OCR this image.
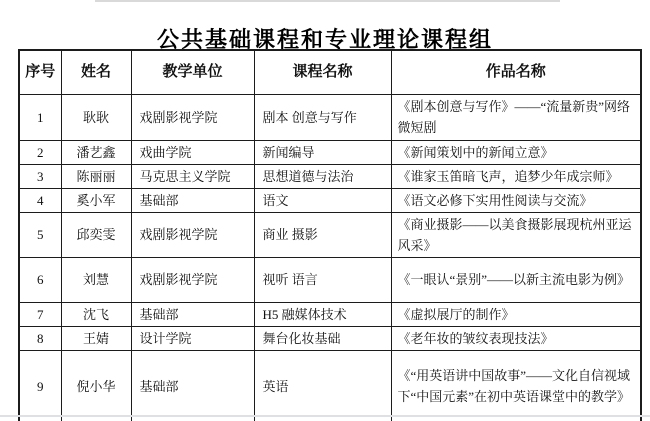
公共基础课程和专业理论课程组
序号	姓名	教学单位	课程名称	作品名称
1	耿耿	戏剧影视学院	剧本 创意与写作	《剧本创意与写作》——“流量新贵”网络微短剧
2	潘艺鑫	戏曲学院	新闻编导	《新闻策划中的新闻立意》
3	陈丽丽	马克思主义学院	思想道德与法治	《谁家玉笛暗飞声，追梦少年成宗师》
4	奚小军	基础部	语文	《语文必修下实用性阅读与交流》
5	邱奕雯	戏剧影视学院	商业 摄影	《商业摄影——以美食摄影展现杭州亚运风采》
6	刘慧	戏剧影视学院	视听 语言	《一眼认“景别”——以新主流电影为例》
7	沈飞	基础部	H5 融媒体技术	《虚拟展厅的制作》
8	王婧	设计学院	舞台化妆基础	《老年妆的皱纹表现技法》
9	倪小华	基础部	英语	《“用英语讲中国故事”——文化自信视域下“中国元素”在初中英语课堂中的教学》
